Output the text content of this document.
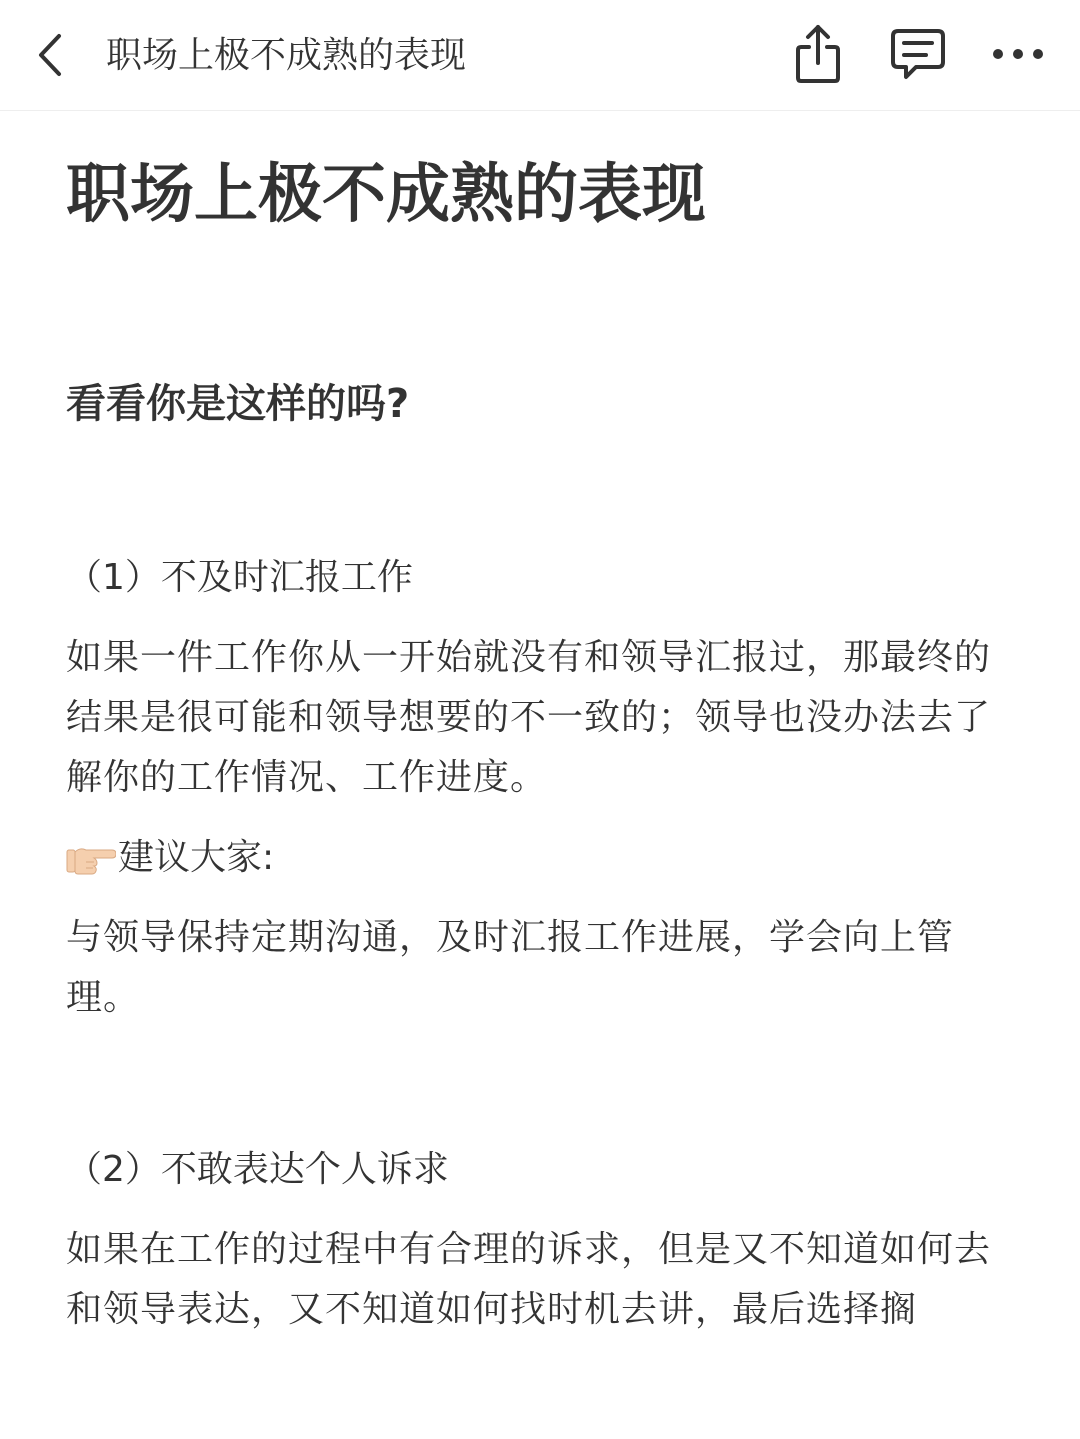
职场上极不成熟的表现
职场上极不成熟的表现

看看你是这样的吗?

（1）不及时汇报工作

如果一件工作你从一开始就没有和领导汇报过，那最终的结果是很可能和领导想要的不一致的；领导也没办法去了解你的工作情况、工作进度。

建议大家:

与领导保持定期沟通，及时汇报工作进展，学会向上管理。

（2）不敢表达个人诉求

如果在工作的过程中有合理的诉求，但是又不知道如何去和领导表达，又不知道如何找时机去讲，最后选择搁
